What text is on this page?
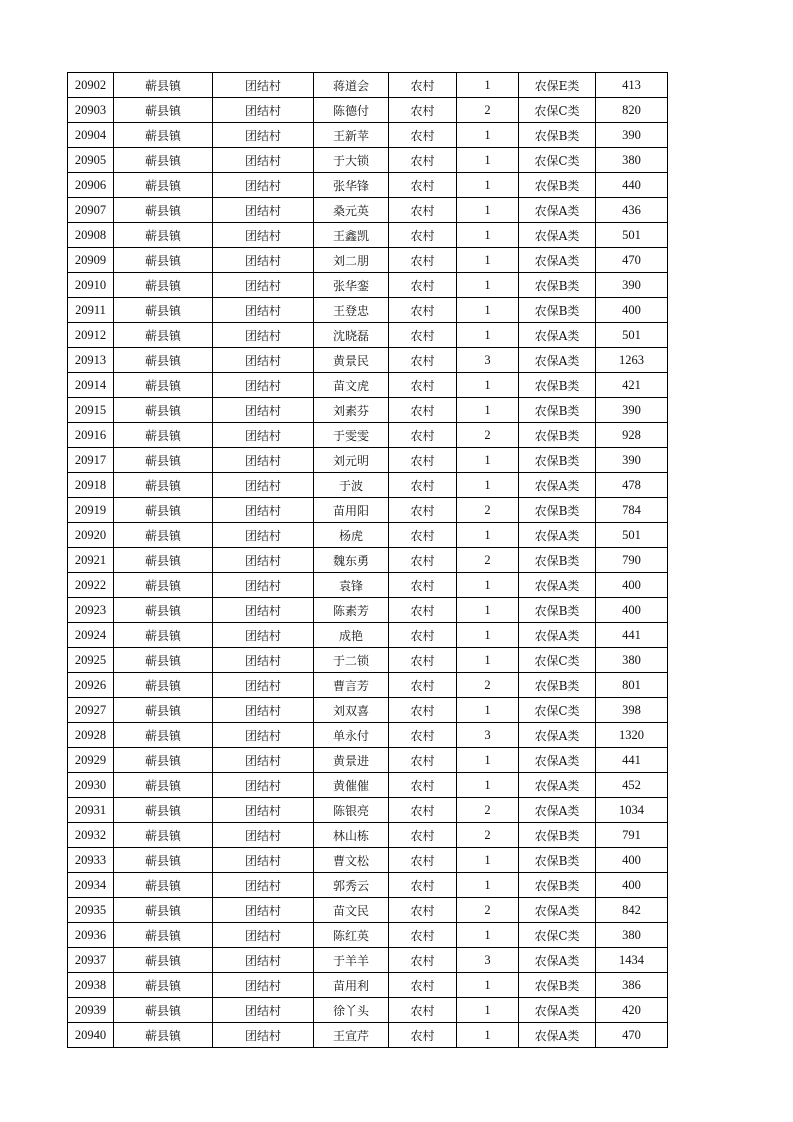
20902	蕲县镇	团结村	蒋道会	农村	1	农保E类	413
20903	蕲县镇	团结村	陈德付	农村	2	农保C类	820
20904	蕲县镇	团结村	王新苹	农村	1	农保B类	390
20905	蕲县镇	团结村	于大锁	农村	1	农保C类	380
20906	蕲县镇	团结村	张华锋	农村	1	农保B类	440
20907	蕲县镇	团结村	桑元英	农村	1	农保A类	436
20908	蕲县镇	团结村	王鑫凯	农村	1	农保A类	501
20909	蕲县镇	团结村	刘二朋	农村	1	农保A类	470
20910	蕲县镇	团结村	张华銮	农村	1	农保B类	390
20911	蕲县镇	团结村	王登忠	农村	1	农保B类	400
20912	蕲县镇	团结村	沈晓磊	农村	1	农保A类	501
20913	蕲县镇	团结村	黄景民	农村	3	农保A类	1263
20914	蕲县镇	团结村	苗文虎	农村	1	农保B类	421
20915	蕲县镇	团结村	刘素芬	农村	1	农保B类	390
20916	蕲县镇	团结村	于雯雯	农村	2	农保B类	928
20917	蕲县镇	团结村	刘元明	农村	1	农保B类	390
20918	蕲县镇	团结村	于波	农村	1	农保A类	478
20919	蕲县镇	团结村	苗用阳	农村	2	农保B类	784
20920	蕲县镇	团结村	杨虎	农村	1	农保A类	501
20921	蕲县镇	团结村	魏东勇	农村	2	农保B类	790
20922	蕲县镇	团结村	袁锋	农村	1	农保A类	400
20923	蕲县镇	团结村	陈素芳	农村	1	农保B类	400
20924	蕲县镇	团结村	成艳	农村	1	农保A类	441
20925	蕲县镇	团结村	于二锁	农村	1	农保C类	380
20926	蕲县镇	团结村	曹言芳	农村	2	农保B类	801
20927	蕲县镇	团结村	刘双喜	农村	1	农保C类	398
20928	蕲县镇	团结村	单永付	农村	3	农保A类	1320
20929	蕲县镇	团结村	黄景进	农村	1	农保A类	441
20930	蕲县镇	团结村	黄催催	农村	1	农保A类	452
20931	蕲县镇	团结村	陈银亮	农村	2	农保A类	1034
20932	蕲县镇	团结村	林山栋	农村	2	农保B类	791
20933	蕲县镇	团结村	曹文松	农村	1	农保B类	400
20934	蕲县镇	团结村	郭秀云	农村	1	农保B类	400
20935	蕲县镇	团结村	苗文民	农村	2	农保A类	842
20936	蕲县镇	团结村	陈红英	农村	1	农保C类	380
20937	蕲县镇	团结村	于羊羊	农村	3	农保A类	1434
20938	蕲县镇	团结村	苗用利	农村	1	农保B类	386
20939	蕲县镇	团结村	徐丫头	农村	1	农保A类	420
20940	蕲县镇	团结村	王宣芹	农村	1	农保A类	470
